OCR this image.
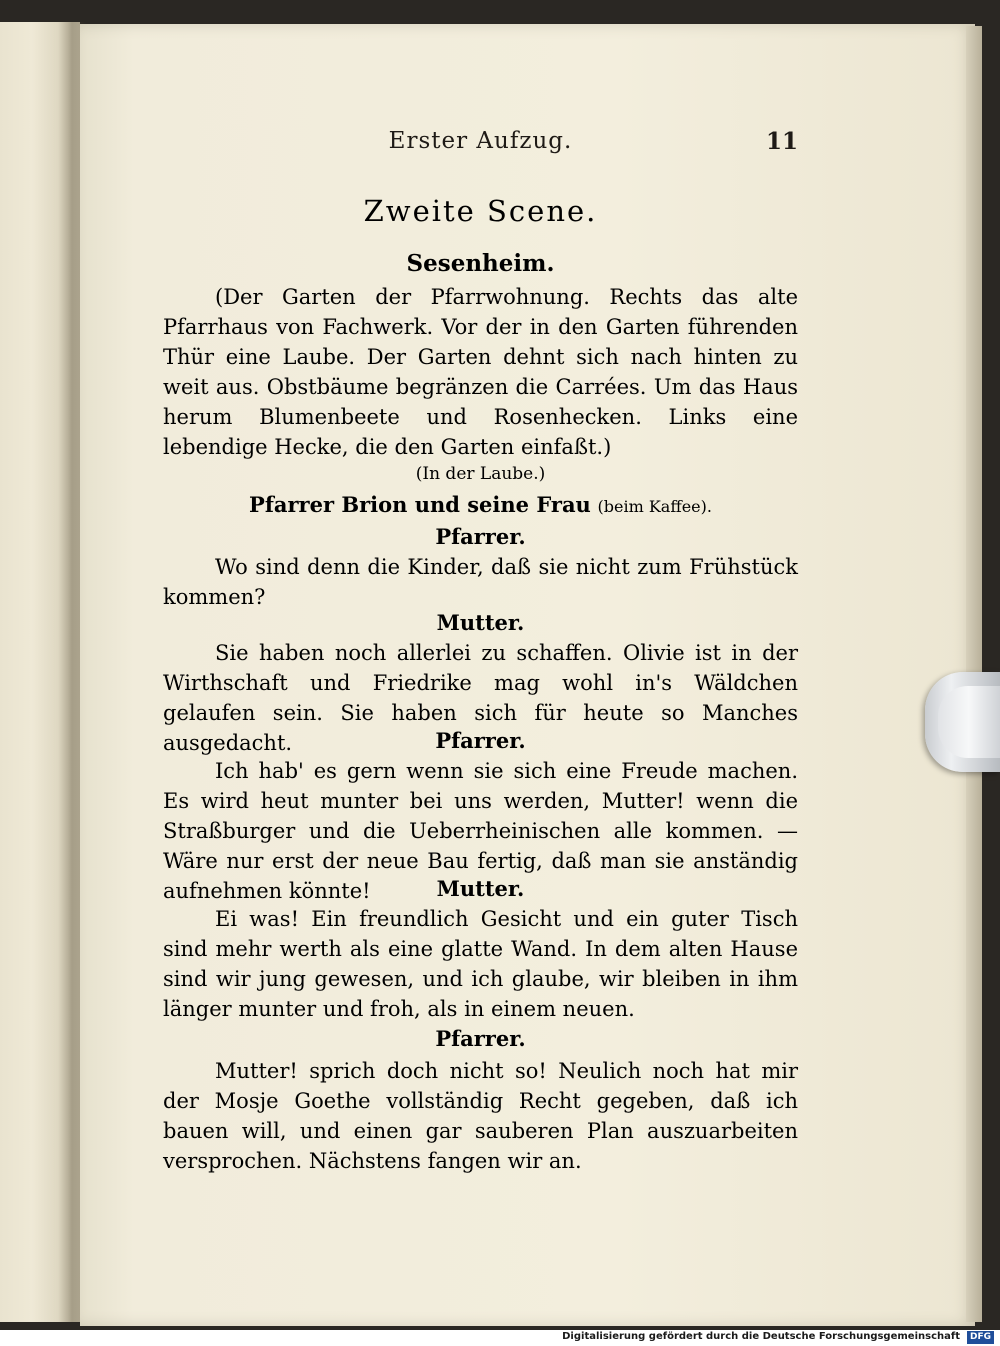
Erster Aufzug.	11
Zweite Scene.
Sesenheim.
(Der Garten der Pfarrwohnung. Rechts das alte Pfarrhaus von Fachwerk. Vor der in den Garten führenden Thür eine Laube. Der Garten dehnt sich nach hinten zu weit aus. Obstbäume begränzen die Carrées. Um das Haus herum Blumenbeete und Rosenhecken. Links eine lebendige Hecke, die den Garten einfaßt.)
(In der Laube.)
Pfarrer Brion und seine Frau (beim Kaffee).
Pfarrer.
Wo sind denn die Kinder, daß sie nicht zum Frühstück kommen?
Mutter.
Sie haben noch allerlei zu schaffen. Olivie ist in der Wirthschaft und Friedrike mag wohl in's Wäldchen gelaufen sein. Sie haben sich für heute so Manches ausgedacht.	Pfarrer.
Ich hab' es gern wenn sie sich eine Freude machen. Es wird heut munter bei uns werden, Mutter! wenn die Straßburger und die Ueberrheinischen alle kommen. — Wäre nur erst der neue Bau fertig, daß man sie anständig aufnehmen könnte!	Mutter.
Ei was! Ein freundlich Gesicht und ein guter Tisch sind mehr werth als eine glatte Wand. In dem alten Hause sind wir jung gewesen, und ich glaube, wir bleiben in ihm länger munter und froh, als in einem neuen.
Pfarrer.
Mutter! sprich doch nicht so! Neulich noch hat mir der Mosje Goethe vollständig Recht gegeben, daß ich bauen will, und einen gar sauberen Plan auszuarbeiten versprochen. Nächstens fangen wir an.
Digitalisierung gefördert durch die Deutsche Forschungsgemeinschaft	DFG
